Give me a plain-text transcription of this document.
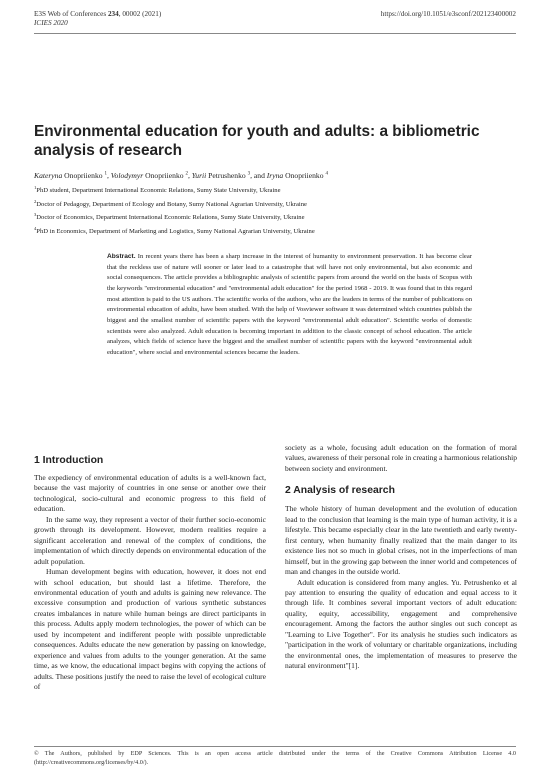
E3S Web of Conferences 234, 00002 (2021)	https://doi.org/10.1051/e3sconf/202123400002
ICIES 2020
Environmental education for youth and adults: a bibliometric analysis of research
Kateryna Onopriienko $^1$, Volodymyr Onopriienko $^2$, Yurii Petrushenko $^3$, and Iryna Onopriienko $^4$
$^1$PhD student, Department International Economic Relations, Sumy State University, Ukraine
$^2$Doctor of Pedagogy, Department of Ecology and Botany, Sumy National Agrarian University, Ukraine
$^3$Doctor of Economics, Department International Economic Relations, Sumy State University, Ukraine
$^4$PhD in Economics, Department of Marketing and Logistics, Sumy National Agrarian University, Ukraine

Abstract. In recent years there has been a sharp increase in the interest of humanity to environment preservation. It has become clear that the reckless use of nature will sooner or later lead to a catastrophe that will have not only environmental, but also economic and social consequences. The article provides a bibliographic analysis of scientific papers from around the world on the basis of Scopus with the keywords "environmental education" and "environmental adult education" for the period 1968 - 2019. It was found that in this regard most attention is paid to the US authors. The scientific works of the authors, who are the leaders in terms of the number of publications on environmental education of adults, have been studied. With the help of Vosviewer software it was determined which countries publish the biggest and the smallest number of scientific papers with the keyword "environmental adult education". Scientific works of domestic scientists were also analyzed. Adult education is becoming important in addition to the classic concept of school education. The article analyzes, which fields of science have the biggest and the smallest number of scientific papers with the keyword "environmental adult education", where social and environmental sciences became the leaders.

1 Introduction

The expediency of environmental education of adults is a well-known fact, because the vast majority of countries in one sense or another owe their technological, socio-cultural and economic progress to this field of education.

In the same way, they represent a vector of their further socio-economic growth through its development. However, modern realities require a significant acceleration and renewal of the complex of conditions, the implementation of which directly depends on environmental education of the adult population.

Human development begins with education, however, it does not end with school education, but should last a lifetime. Therefore, the environmental education of youth and adults is gaining new relevance. The excessive consumption and production of various synthetic substances creates imbalances in nature while human beings are direct participants in this process. Adults apply modern technologies, the power of which can be used by incompetent and indifferent people with possible unpredictable consequences. Adults educate the new generation by passing on knowledge, experience and values from adults to the younger generation. At the same time, as we know, the educational impact begins with copying the actions of adults. These positions justify the need to raise the level of ecological culture of

society as a whole, focusing adult education on the formation of moral values, awareness of their personal role in creating a harmonious relationship between society and environment.

2 Analysis of research

The whole history of human development and the evolution of education lead to the conclusion that learning is the main type of human activity, it is a lifestyle. This became especially clear in the late twentieth and early twenty-first century, when humanity finally realized that the main danger to its existence lies not so much in global crises, not in the imperfections of man himself, but in the growing gap between the inner world and competences of man and changes in the outside world.

Adult education is considered from many angles. Yu. Petrushenko et al pay attention to ensuring the quality of education and equal access to it through life. It combines several important vectors of adult education: quality, equity, accessibility, engagement and comprehensive encouragement. Among the factors the author singles out such concept as "Learning to Live Together". For its analysis he studies such indicators as "participation in the work of voluntary or charitable organizations, including the environmental ones, the implementation of measures to preserve the natural environment"[1].

© The Authors, published by EDP Sciences. This is an open access article distributed under the terms of the Creative Commons Attribution License 4.0 (http://creativecommons.org/licenses/by/4.0/).
